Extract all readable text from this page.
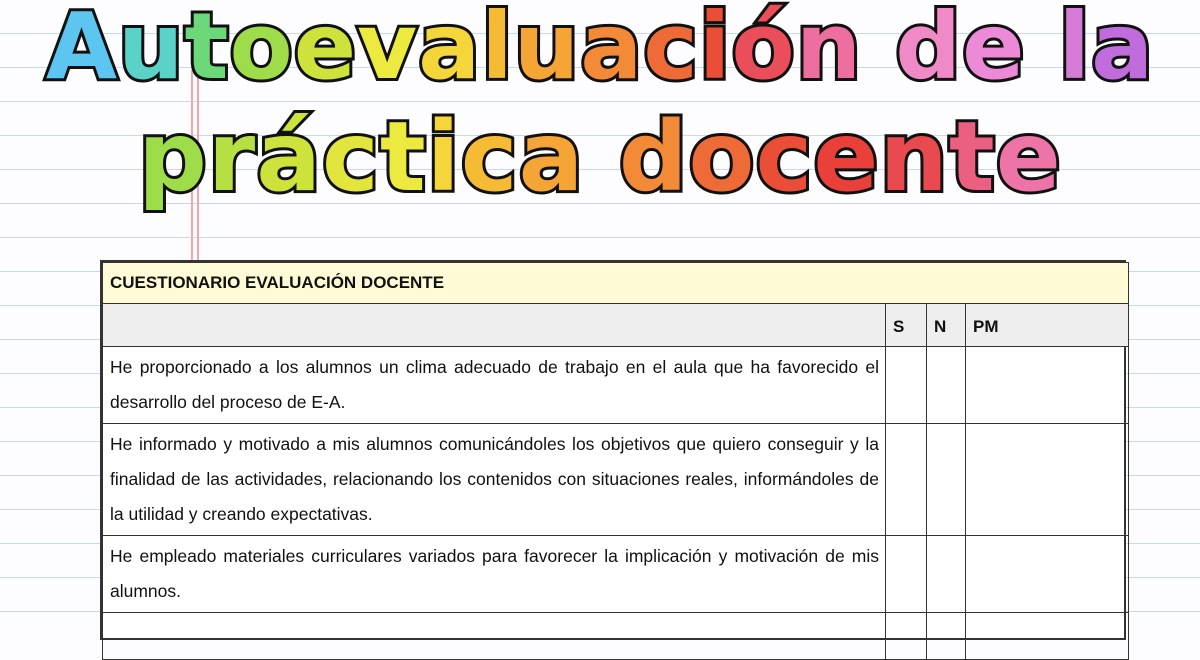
Autoevaluación de la
práctica docente
CUESTIONARIO EVALUACIÓN DOCENTE			
	S	N	PM
He proporcionado a los alumnos un clima adecuado de trabajo en el aula que ha favorecido el desarrollo del proceso de E-A.			
He informado y motivado a mis alumnos comunicándoles los objetivos que quiero conseguir y la finalidad de las actividades, relacionando los contenidos con situaciones reales, informándoles de la utilidad y creando expectativas.			
He empleado materiales curriculares variados para favorecer la implicación y motivación de mis alumnos.			
